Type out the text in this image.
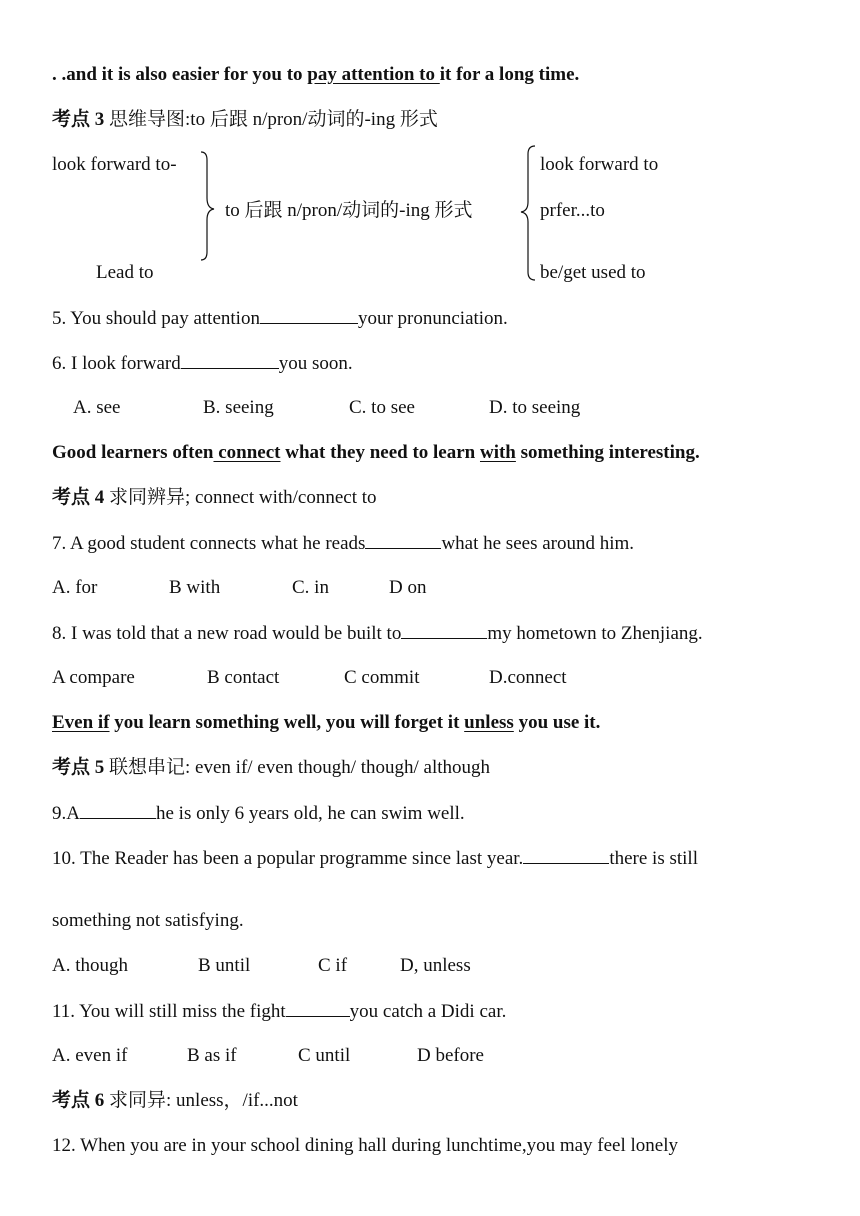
. .and it is also easier for you to pay attention to it for a long time.
考点 3 思维导图:to 后跟 n/pron/动词的-ing 形式
look forward to-
Lead to
to 后跟 n/pron/动词的-ing 形式
look forward to
prfer...to
be/get used to
5. You should pay attention	your pronunciation.
6. I look forward	you soon.
A. see	B. seeing	C. to see	D. to seeing
Good learners often connect what they need to learn with something interesting.
考点 4 求同辨异; connect with/connect to
7. A good student connects what he reads	what he sees around him.
A. for	B with	C. in	D on
8. I was told that a new road would be built to	my hometown to Zhenjiang.
A compare	B contact	C commit	D.connect
Even if you learn something well, you will forget it unless you use it.
考点 5 联想串记: even if/ even though/ though/ although
9.A	he is only 6 years old, he can swim well.
10. The Reader has been a popular programme since last year.	there is still
something not satisfying.
A. though	B until	C if	D, unless
11. You will still miss the fight	you catch a Didi car.
A. even if	B as if	C until	D before
考点 6 求同异: unless，/if...not
12. When you are in your school dining hall during lunchtime,you may feel lonely
